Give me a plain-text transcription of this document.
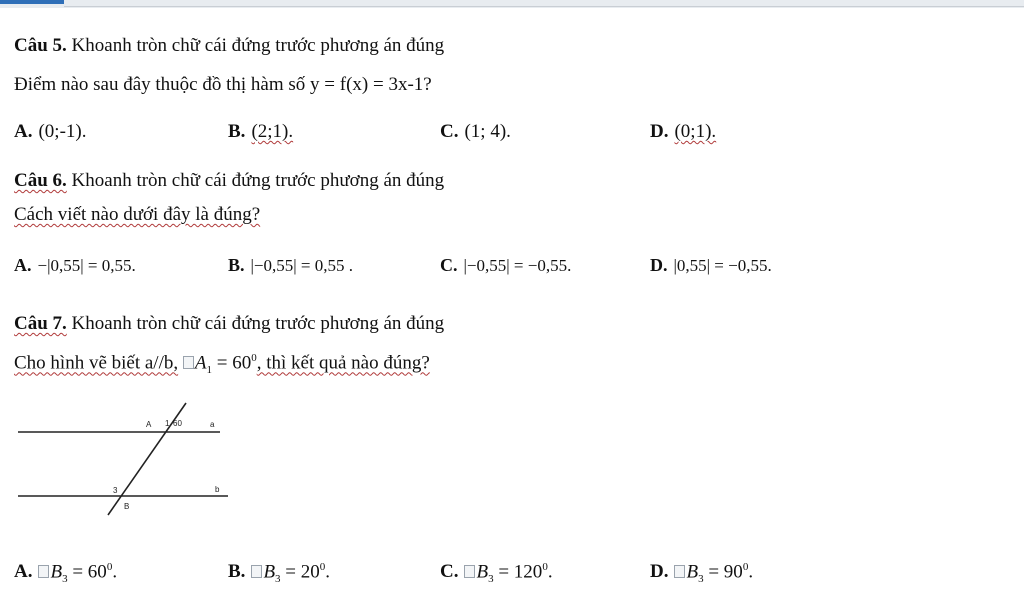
Câu 5. Khoanh tròn chữ cái đứng trước phương án đúng
Điểm nào sau đây thuộc đồ thị hàm số y = f(x) = 3x-1?
A. (0;-1).	B. (2;1).	C. (1; 4).	D. (0;1).
Câu 6. Khoanh tròn chữ cái đứng trước phương án đúng
Cách viết nào dưới đây là đúng?
A. −|0,55| = 0,55.	B. |−0,55| = 0,55 .	C. |−0,55| = −0,55.	D. |0,55| = −0,55.
Câu 7. Khoanh tròn chữ cái đứng trước phương án đúng
Cho hình vẽ biết a//b, $A_1 = 60^0$, thì kết quả nào đúng?
A 1 60	a
3	b
B
A. $B_3 = 60^0$.	B. $B_3 = 20^0$.	C. $B_3 = 120^0$.	D. $B_3 = 90^0$.
